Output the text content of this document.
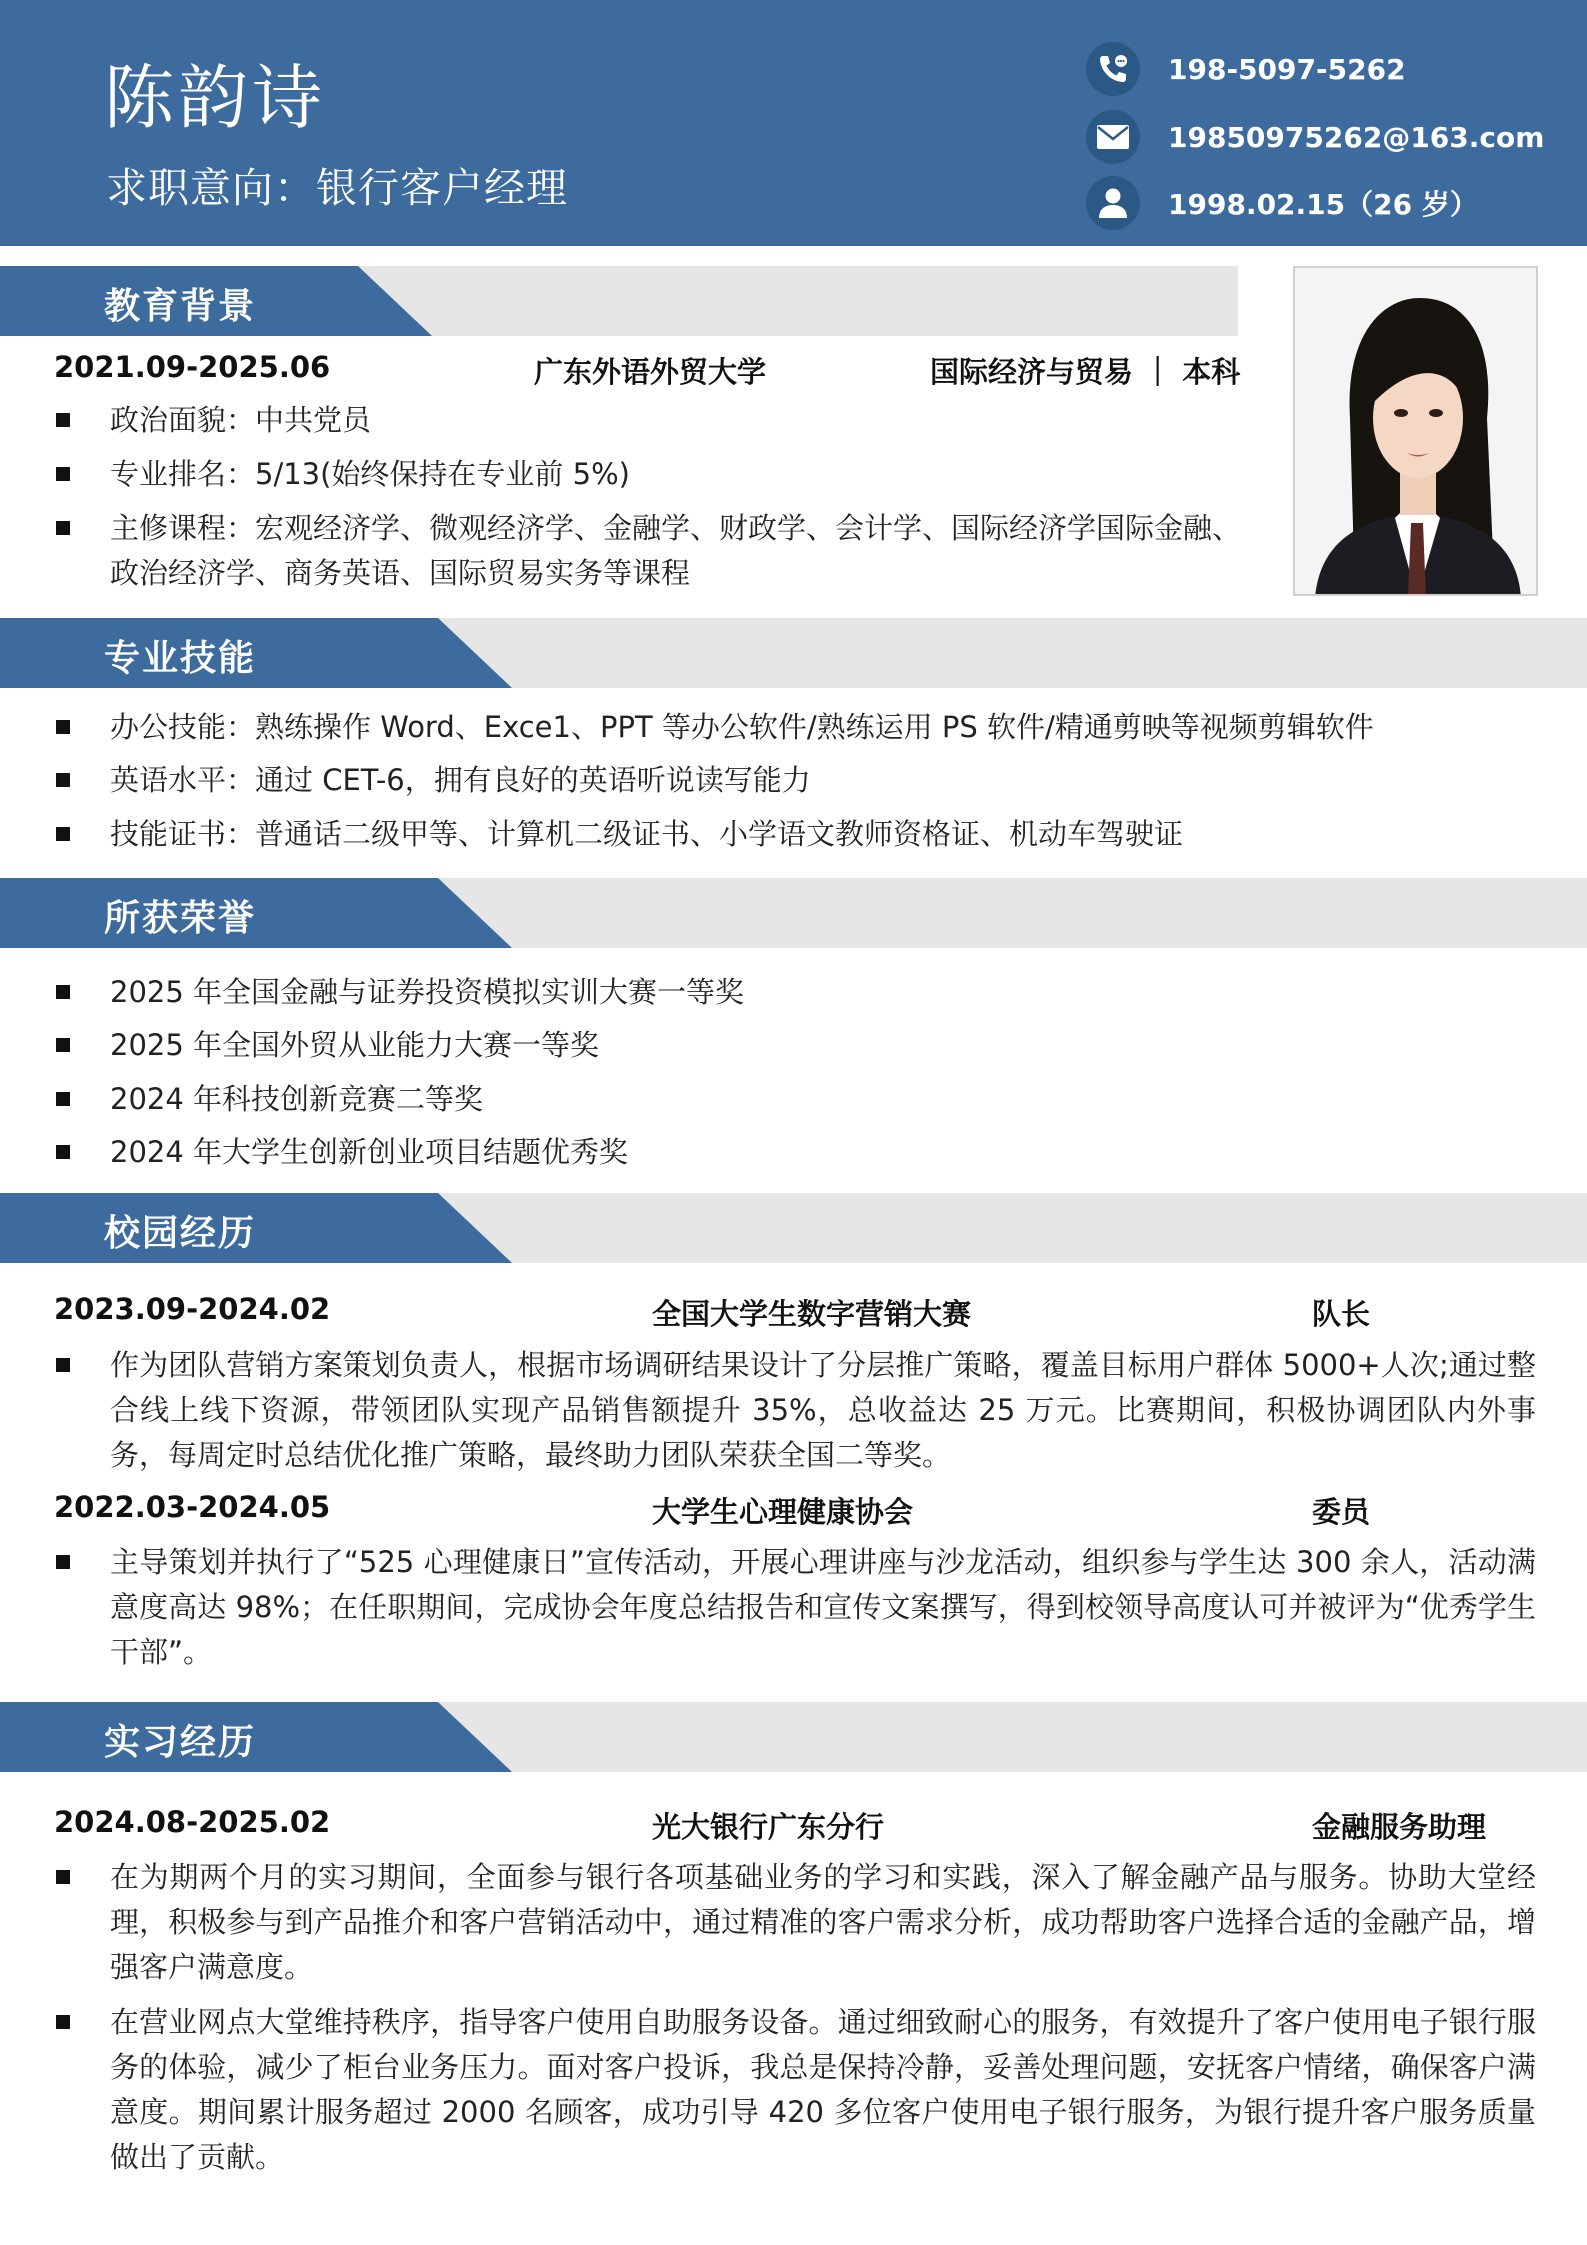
陈韵诗
求职意向：银行客户经理
198-5097-5262
19850975262@163.com
1998.02.15（26 岁）
教育背景
2021.09-2025.06	广东外语外贸大学	国际经济与贸易 ｜ 本科
政治面貌：中共党员
专业排名：5/13(始终保持在专业前 5%)
主修课程：宏观经济学、微观经济学、金融学、财政学、会计学、国际经济学国际金融、政治经济学、商务英语、国际贸易实务等课程
专业技能
办公技能：熟练操作 Word、Exce1、PPT 等办公软件/熟练运用 PS 软件/精通剪映等视频剪辑软件
英语水平：通过 CET-6，拥有良好的英语听说读写能力
技能证书：普通话二级甲等、计算机二级证书、小学语文教师资格证、机动车驾驶证
所获荣誉
2025 年全国金融与证券投资模拟实训大赛一等奖
2025 年全国外贸从业能力大赛一等奖
2024 年科技创新竞赛二等奖
2024 年大学生创新创业项目结题优秀奖
校园经历
2023.09-2024.02	全国大学生数字营销大赛	队长
作为团队营销方案策划负责人，根据市场调研结果设计了分层推广策略，覆盖目标用户群体 5000+人次;通过整合线上线下资源，带领团队实现产品销售额提升 35%，总收益达 25 万元。比赛期间，积极协调团队内外事务，每周定时总结优化推广策略，最终助力团队荣获全国二等奖。
2022.03-2024.05	大学生心理健康协会	委员
主导策划并执行了“525 心理健康日”宣传活动，开展心理讲座与沙龙活动，组织参与学生达 300 余人，活动满意度高达 98%；在任职期间，完成协会年度总结报告和宣传文案撰写，得到校领导高度认可并被评为“优秀学生干部”。
实习经历
2024.08-2025.02	光大银行广东分行	金融服务助理
在为期两个月的实习期间，全面参与银行各项基础业务的学习和实践，深入了解金融产品与服务。协助大堂经理，积极参与到产品推介和客户营销活动中，通过精准的客户需求分析，成功帮助客户选择合适的金融产品，增强客户满意度。
在营业网点大堂维持秩序，指导客户使用自助服务设备。通过细致耐心的服务，有效提升了客户使用电子银行服务的体验，减少了柜台业务压力。面对客户投诉，我总是保持冷静，妥善处理问题，安抚客户情绪，确保客户满意度。期间累计服务超过 2000 名顾客，成功引导 420 多位客户使用电子银行服务，为银行提升客户服务质量做出了贡献。
